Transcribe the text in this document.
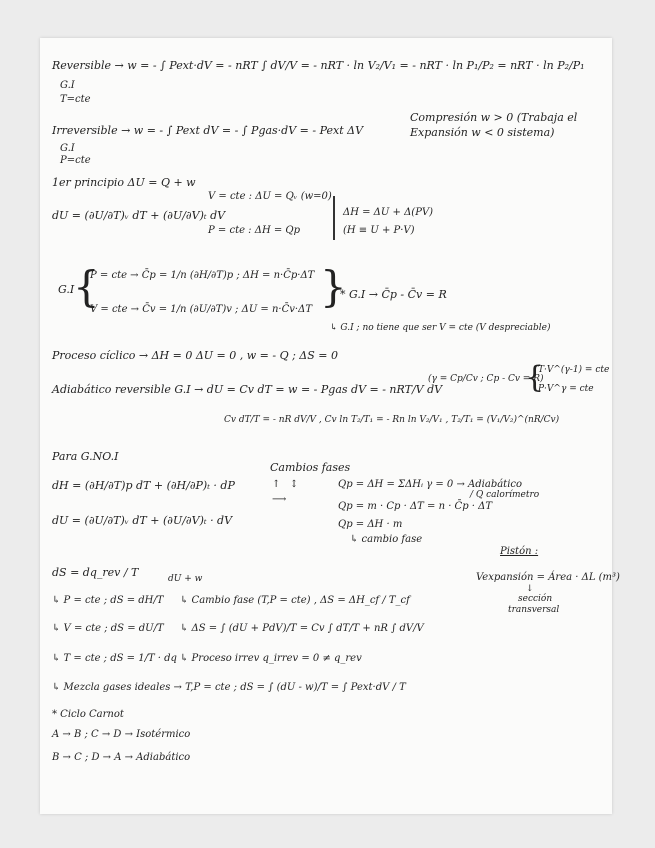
Reversible → w = - ∫ Pext·dV = - nRT ∫ dV/V = - nRT · ln V₂/V₁ = - nRT · ln P₁/P₂ = nRT · ln P₂/P₁
G.I
T=cte
Compresión w > 0 (Trabaja el
Expansión w < 0 sistema)
Irreversible → w = - ∫ Pext dV = - ∫ Pgas·dV = - Pext ΔV
G.I
P=cte
1er principio ΔU = Q + w
dU = (∂U/∂T)ᵥ dT + (∂U/∂V)ₜ dV
V = cte : ΔU = Qᵥ (w=0)
P = cte : ΔH = Qp
ΔH = ΔU + Δ(PV)
(H ≡ U + P·V)
G.I
{
P = cte → C̄p = 1/n (∂H/∂T)p ; ΔH = n·C̄p·ΔT
V = cte → C̄v = 1/n (∂U/∂T)v ; ΔU = n·C̄v·ΔT }
* G.I → C̄p - C̄v = R
↳ G.I ; no tiene que ser V = cte (V despreciable)
Proceso cíclico → ΔH = 0 ΔU = 0 , w = - Q ; ΔS = 0
Adiabático reversible G.I → dU = Cv dT = w = - Pgas dV = - nRT/V dV
(γ = Cp/Cv ; Cp - Cv = R)
{
T·V^(γ-1) = cte
P·V^γ = cte
Cv dT/T = - nR dV/V , Cv ln T₂/T₁ = - Rn ln V₂/V₁ , T₂/T₁ = (V₁/V₂)^(nR/Cv)
Para G.NO.I
dH = (∂H/∂T)p dT + (∂H/∂P)ₜ · dP
dU = (∂U/∂T)ᵥ dT + (∂U/∂V)ₜ · dV
Cambios fases
↑   ↕
⟶
Qp = ΔH = ΣΔHᵢ γ = 0 → Adiabático
/ Q calorímetro
Qp = m · Cp · ΔT = n · C̄p · ΔT
Qp = ΔH · m
↳ cambio fase
Pistón :
Vexpansión = Área · ΔL (m³)
↓
sección
transversal
dS = dq_rev / T	dU + w
↳ P = cte ; dS = dH/T ↳ Cambio fase (T,P = cte) , ΔS = ΔH_cf / T_cf
↳ V = cte ; dS = dU/T ↳ ΔS = ∫ (dU + PdV)/T = Cv ∫ dT/T + nR ∫ dV/V
↳ T = cte ; dS = 1/T · dq ↳ Proceso irrev q_irrev = 0 ≠ q_rev
↳ Mezcla gases ideales → T,P = cte ; dS = ∫ (dU - w)/T = ∫ Pext·dV / T
* Ciclo Carnot
A → B ; C → D → Isotérmico
B → C ; D → A → Adiabático
